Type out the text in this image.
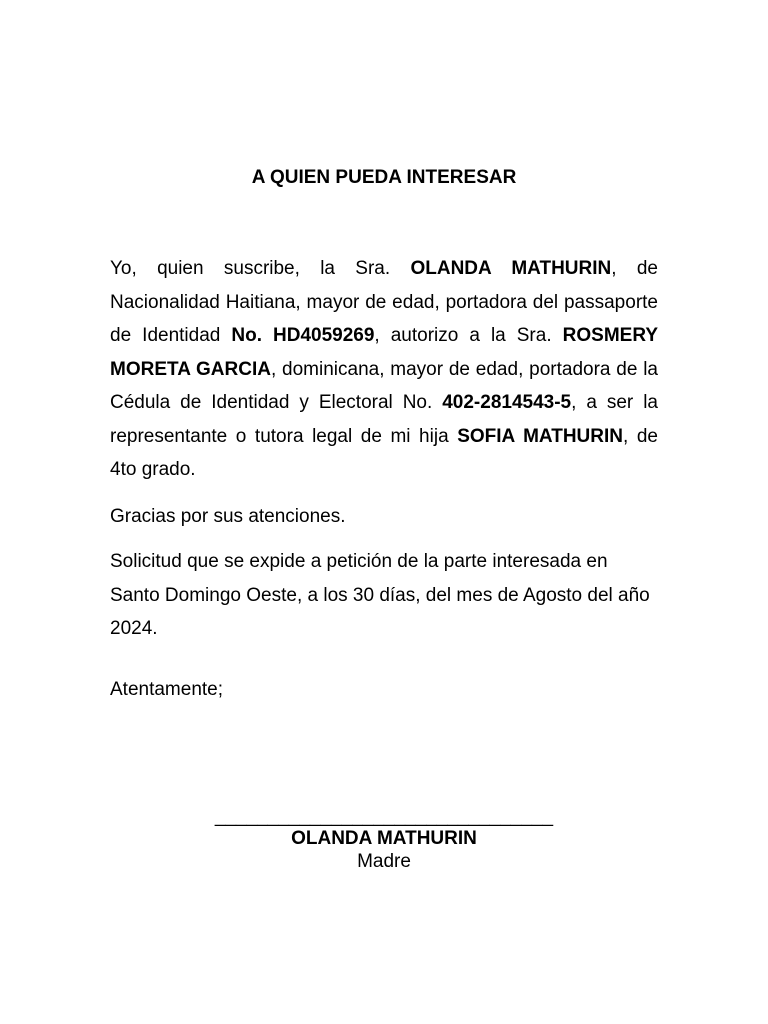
A QUIEN PUEDA INTERESAR

Yo, quien suscribe, la Sra. OLANDA MATHURIN, de Nacionalidad Haitiana, mayor de edad, portadora del passaporte de Identidad No. HD4059269, autorizo a la Sra. ROSMERY MORETA GARCIA, dominicana, mayor de edad, portadora de la Cédula de Identidad y Electoral No. 402-2814543-5, a ser la representante o tutora legal de mi hija SOFIA MATHURIN, de 4to grado.

Gracias por sus atenciones.

Solicitud que se expide a petición de la parte interesada en Santo Domingo Oeste, a los 30 días, del mes de Agosto del año 2024.

Atentamente;

________________________________
OLANDA MATHURIN
Madre
